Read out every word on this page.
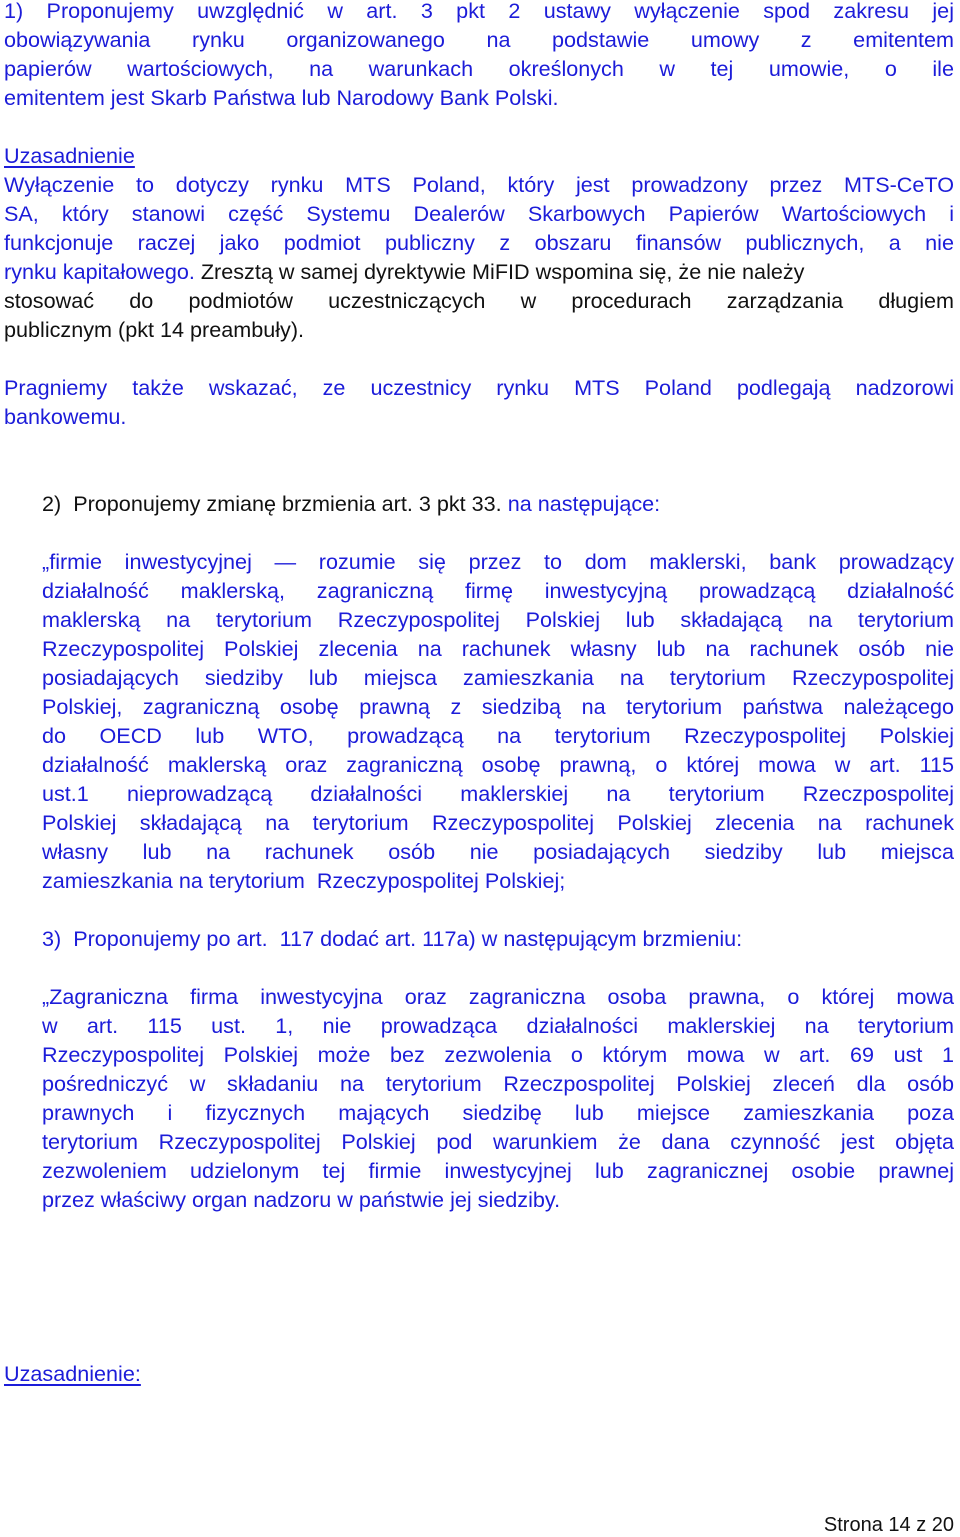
1) Proponujemy uwzględnić w art. 3 pkt 2 ustawy wyłączenie spod zakresu jej
obowiązywania rynku organizowanego na podstawie umowy z emitentem
papierów wartościowych, na warunkach określonych w tej umowie, o ile
emitentem jest Skarb Państwa lub Narodowy Bank Polski.
Uzasadnienie
Wyłączenie to dotyczy rynku MTS Poland, który jest prowadzony przez MTS-CeTO
SA, który stanowi część Systemu Dealerów Skarbowych Papierów Wartościowych i
funkcjonuje raczej jako podmiot publiczny z obszaru finansów publicznych, a nie
rynku kapitałowego. Zresztą w samej dyrektywie MiFID wspomina się, że nie należy
stosować do podmiotów uczestniczących w procedurach zarządzania długiem
publicznym (pkt 14 preambuły).
Pragniemy także wskazać, ze uczestnicy rynku MTS Poland podlegają nadzorowi
bankowemu.
2)  Proponujemy zmianę brzmienia art. 3 pkt 33. na następujące:
„firmie inwestycyjnej — rozumie się przez to dom maklerski, bank prowadzący
działalność maklerską, zagraniczną firmę inwestycyjną prowadzącą działalność
maklerską na terytorium Rzeczypospolitej Polskiej lub składającą na terytorium
Rzeczypospolitej Polskiej zlecenia na rachunek własny lub na rachunek osób nie
posiadających siedziby lub miejsca zamieszkania na terytorium Rzeczypospolitej
Polskiej, zagraniczną osobę prawną z siedzibą na terytorium państwa należącego
do OECD lub WTO, prowadzącą na terytorium Rzeczypospolitej Polskiej
działalność maklerską oraz zagraniczną osobę prawną, o której mowa w art. 115
ust.1 nieprowadzącą działalności maklerskiej na terytorium Rzeczpospolitej
Polskiej składającą na terytorium Rzeczypospolitej Polskiej zlecenia na rachunek
własny lub na rachunek osób nie posiadających siedziby lub miejsca
zamieszkania na terytorium  Rzeczypospolitej Polskiej;
3)  Proponujemy po art.  117 dodać art. 117a) w następującym brzmieniu:
„Zagraniczna firma inwestycyjna oraz zagraniczna osoba prawna, o której mowa
w art. 115 ust. 1, nie prowadząca działalności maklerskiej na terytorium
Rzeczypospolitej Polskiej może bez zezwolenia o którym mowa w art. 69 ust 1
pośredniczyć w składaniu na terytorium Rzeczpospolitej Polskiej zleceń dla osób
prawnych i fizycznych mających siedzibę lub miejsce zamieszkania poza
terytorium Rzeczypospolitej Polskiej pod warunkiem że dana czynność jest objęta
zezwoleniem udzielonym tej firmie inwestycyjnej lub zagranicznej osobie prawnej
przez właściwy organ nadzoru w państwie jej siedziby.
Uzasadnienie:
Strona 14 z 20
